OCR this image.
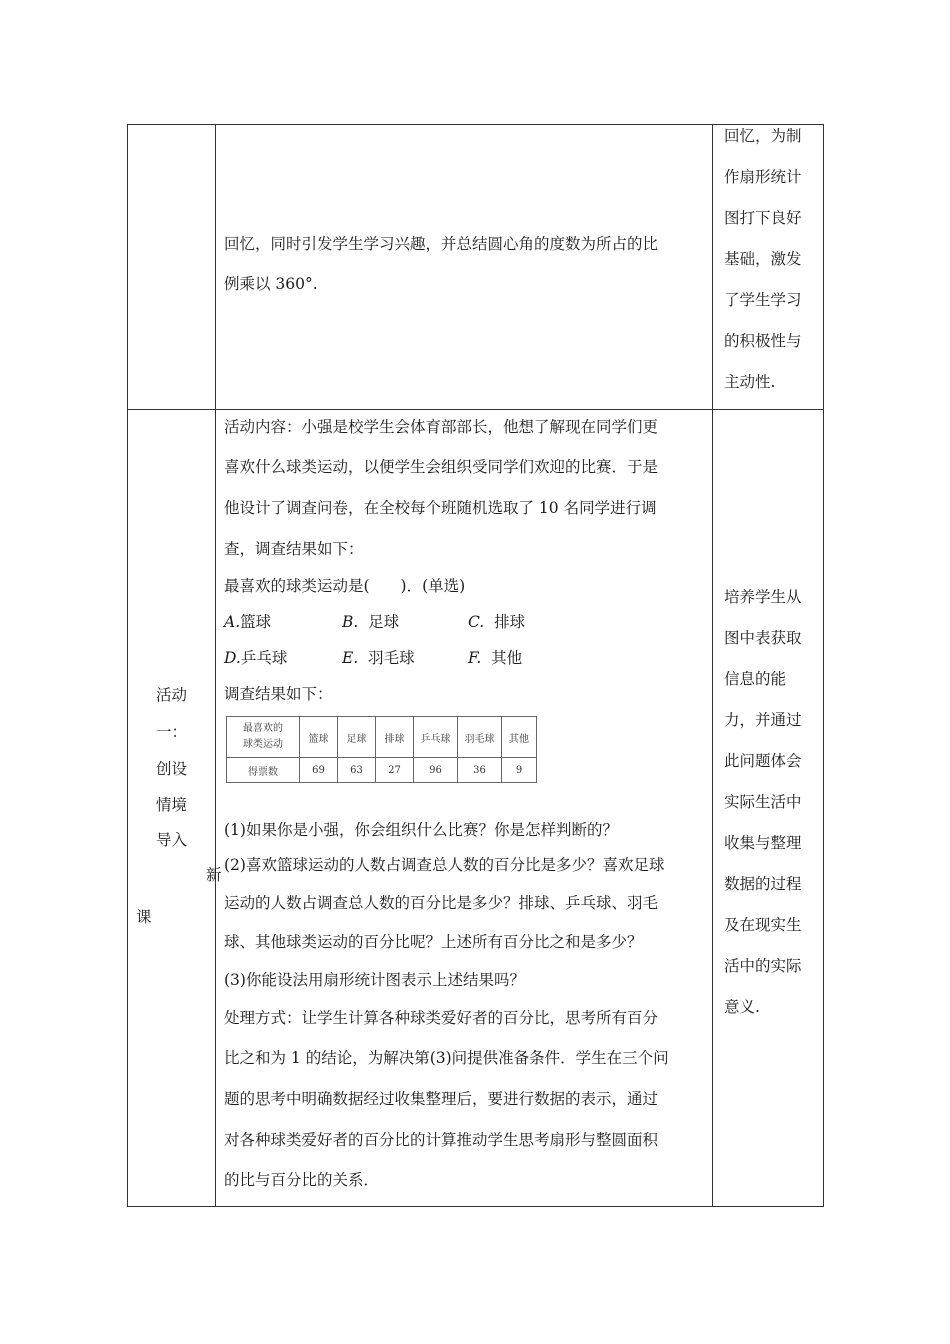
回忆，同时引发学生学习兴趣，并总结圆心角的度数为所占的比
例乘以 360°.
回忆，为制
作扇形统计
图打下良好
基础，激发
了学生学习
的积极性与
主动性.
活动
一：
创设
情境
导入
新
课
活动内容：小强是校学生会体育部部长，他想了解现在同学们更
喜欢什么球类运动，以便学生会组织受同学们欢迎的比赛．于是
他设计了调查问卷，在全校每个班随机选取了 10 名同学进行调
查，调查结果如下：
最喜欢的球类运动是(　　)．(单选)
A.篮球	B. 足球	C. 排球
D.乒乓球	E. 羽毛球	F. 其他
调查结果如下：
(1)如果你是小强，你会组织什么比赛？你是怎样判断的？
(2)喜欢篮球运动的人数占调查总人数的百分比是多少？喜欢足球
运动的人数占调查总人数的百分比是多少？排球、乒乓球、羽毛
球、其他球类运动的百分比呢？上述所有百分比之和是多少？
(3)你能设法用扇形统计图表示上述结果吗？
处理方式：让学生计算各种球类爱好者的百分比，思考所有百分
比之和为 1 的结论，为解决第(3)问提供准备条件．学生在三个问
题的思考中明确数据经过收集整理后，要进行数据的表示，通过
对各种球类爱好者的百分比的计算推动学生思考扇形与整圆面积
的比与百分比的关系．
培养学生从
图中表获取
信息的能
力，并通过
此问题体会
实际生活中
收集与整理
数据的过程
及在现实生
活中的实际
意义.
最喜欢的
球类运动	篮球	足球	排球	乒乓球	羽毛球	其他
得票数	69	63	27	96	36	9
